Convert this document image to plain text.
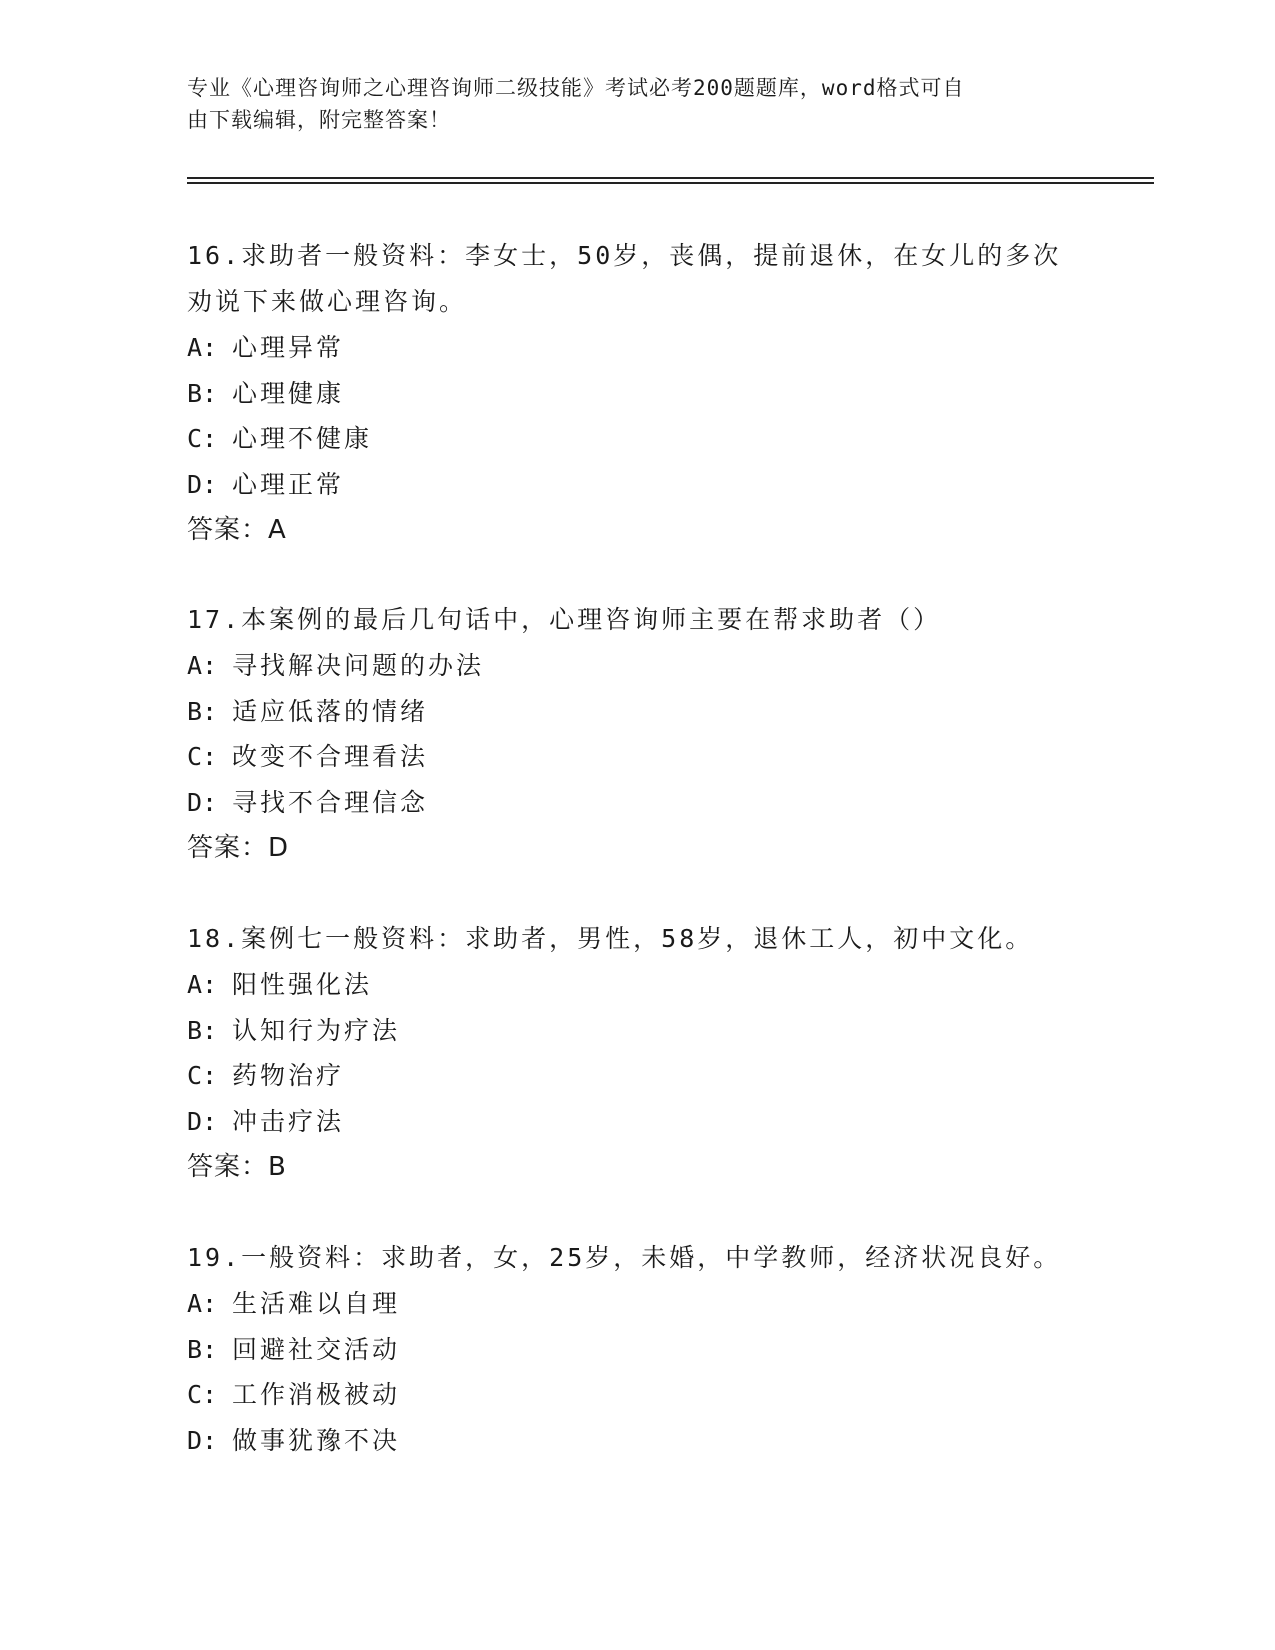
专业《心理咨询师之心理咨询师二级技能》考试必考200题题库，word格式可自
由下载编辑，附完整答案！

16.求助者一般资料：李女士，50岁，丧偶，提前退休，在女儿的多次

劝说下来做心理咨询。

A: 心理异常

B: 心理健康

C: 心理不健康

D: 心理正常

答案：A

17.本案例的最后几句话中，心理咨询师主要在帮求助者（）

A: 寻找解决问题的办法

B: 适应低落的情绪

C: 改变不合理看法

D: 寻找不合理信念

答案：D

18.案例七一般资料：求助者，男性，58岁，退休工人，初中文化。

A: 阳性强化法

B: 认知行为疗法

C: 药物治疗

D: 冲击疗法

答案：B

19.一般资料：求助者，女，25岁，未婚，中学教师，经济状况良好。

A: 生活难以自理

B: 回避社交活动

C: 工作消极被动

D: 做事犹豫不决
